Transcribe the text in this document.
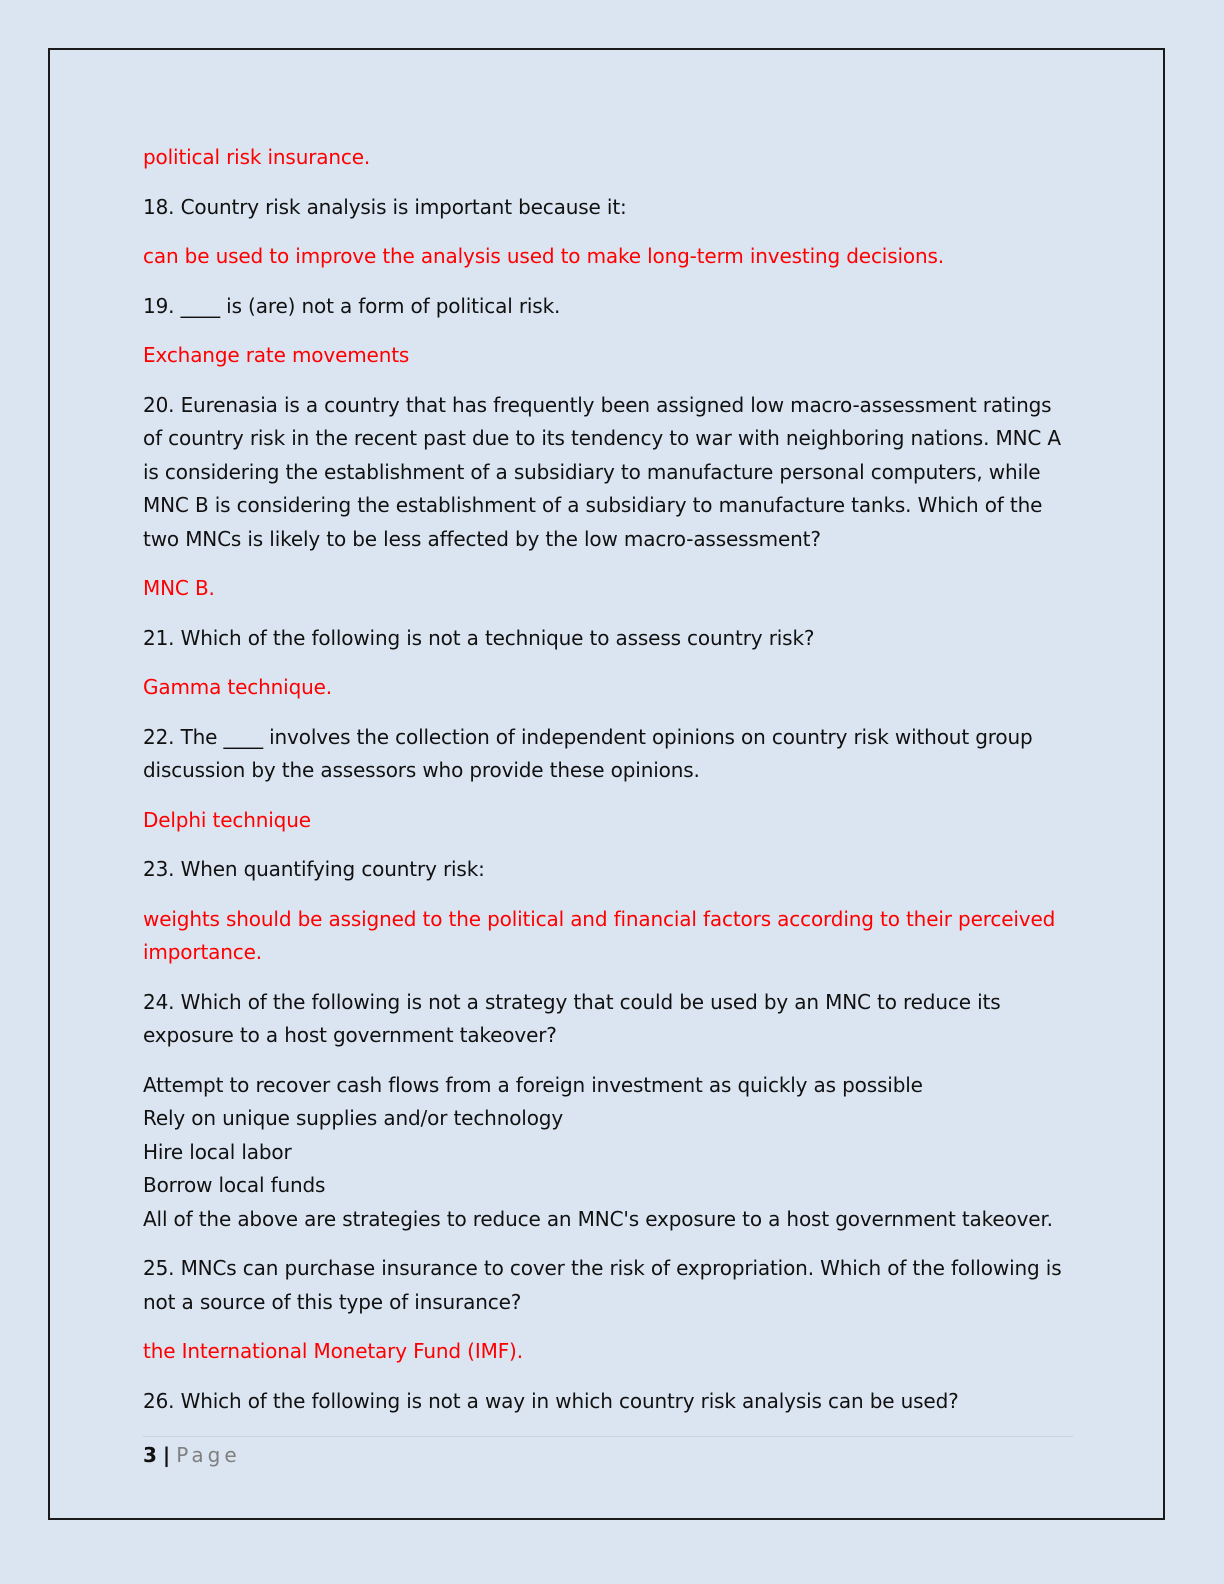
political risk insurance.

18. Country risk analysis is important because it:

can be used to improve the analysis used to make long-term investing decisions.

19. ____ is (are) not a form of political risk.

Exchange rate movements

20. Eurenasia is a country that has frequently been assigned low macro-assessment ratings of country risk in the recent past due to its tendency to war with neighboring nations. MNC A is considering the establishment of a subsidiary to manufacture personal computers, while MNC B is considering the establishment of a subsidiary to manufacture tanks. Which of the two MNCs is likely to be less affected by the low macro-assessment?

MNC B.

21. Which of the following is not a technique to assess country risk?

Gamma technique.

22. The ____ involves the collection of independent opinions on country risk without group discussion by the assessors who provide these opinions.

Delphi technique

23. When quantifying country risk:

weights should be assigned to the political and financial factors according to their perceived importance.

24. Which of the following is not a strategy that could be used by an MNC to reduce its exposure to a host government takeover?

Attempt to recover cash flows from a foreign investment as quickly as possible
Rely on unique supplies and/or technology
Hire local labor
Borrow local funds
All of the above are strategies to reduce an MNC's exposure to a host government takeover.

25. MNCs can purchase insurance to cover the risk of expropriation. Which of the following is not a source of this type of insurance?

the International Monetary Fund (IMF).

26. Which of the following is not a way in which country risk analysis can be used?

3 | Page
